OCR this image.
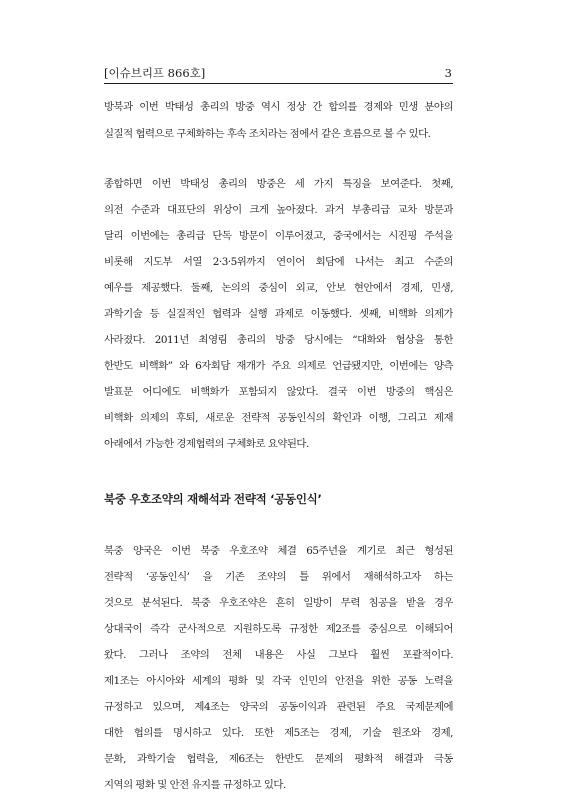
[이슈브리프 866호]	3
방북과 이번 박태성 총리의 방중 역시 정상 간 합의를 경제와 민생 분야의
실질적 협력으로 구체화하는 후속 조치라는 점에서 같은 흐름으로 볼 수 있다.
종합하면 이번 박태성 총리의 방중은 세 가지 특징을 보여준다. 첫째,
의전 수준과 대표단의 위상이 크게 높아졌다. 과거 부총리급 교차 방문과
달리 이번에는 총리급 단독 방문이 이루어졌고, 중국에서는 시진핑 주석을
비롯해 지도부 서열 2·3·5위까지 연이어 회담에 나서는 최고 수준의
예우를 제공했다. 둘째, 논의의 중심이 외교, 안보 현안에서 경제, 민생,
과학기술 등 실질적인 협력과 실행 과제로 이동했다. 셋째, 비핵화 의제가
사라졌다. 2011년 최영림 총리의 방중 당시에는 “대화와 협상을 통한
한반도 비핵화” 와 6자회담 재개가 주요 의제로 언급됐지만, 이번에는 양측
발표문 어디에도 비핵화가 포함되지 않았다. 결국 이번 방중의 핵심은
비핵화 의제의 후퇴, 새로운 전략적 공동인식의 확인과 이행, 그리고 제재
아래에서 가능한 경제협력의 구체화로 요약된다.
북중 우호조약의 재해석과 전략적 ‘공동인식’
북중 양국은 이번 북중 우호조약 체결 65주년을 계기로 최근 형성된
전략적 ‘공동인식’ 을 기존 조약의 틀 위에서 재해석하고자 하는
것으로 분석된다. 북중 우호조약은 흔히 일방이 무력 침공을 받을 경우
상대국이 즉각 군사적으로 지원하도록 규정한 제2조를 중심으로 이해되어
왔다. 그러나 조약의 전체 내용은 사실 그보다 훨씬 포괄적이다.
제1조는 아시아와 세계의 평화 및 각국 인민의 안전을 위한 공동 노력을
규정하고 있으며, 제4조는 양국의 공동이익과 관련된 주요 국제문제에
대한 협의를 명시하고 있다. 또한 제5조는 경제, 기술 원조와 경제,
문화, 과학기술 협력을, 제6조는 한반도 문제의 평화적 해결과 극동
지역의 평화 및 안전 유지를 규정하고 있다.
